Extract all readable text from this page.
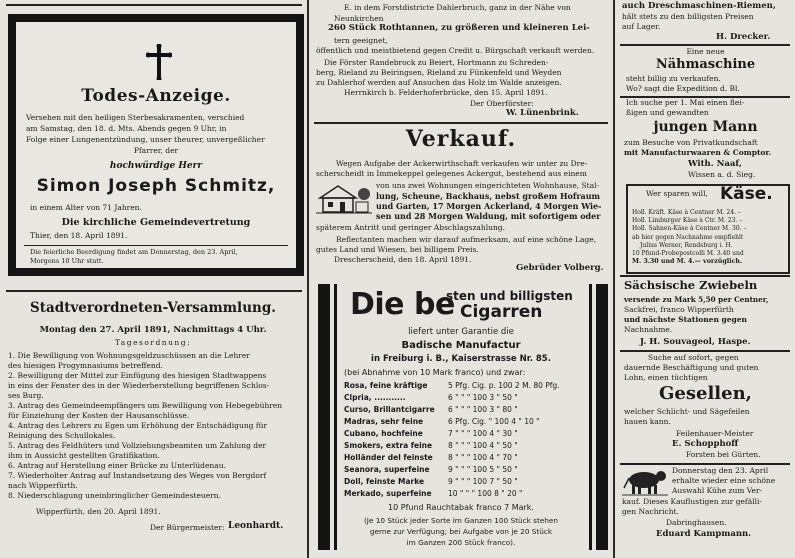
Todes-Anzeige.
Versehen mit den heiligen Sterbesakramenten, verschied
am Samstag, den 18. d. Mts. Abends gegen 9 Uhr, in
Folge einer Lungenentzündung, unser theurer, unvergeßlicher
Pfarrer, der
hochwürdige Herr
Simon Joseph Schmitz,
in einem Alter von 71 Jahren.
Die kirchliche Gemeindevertretung
Thier, den 18. April 1891.
Die feierliche Beerdigung findet am Donnerstag, den 23. April,
Morgens 10 Uhr statt.
Stadtverordneten-Versammlung.
Montag den 27. April 1891, Nachmittags 4 Uhr.
Tagesordnung:
1. Die Bewilligung von Wohnungsgeldzuschüssen an die Lehrer
des hiesigen Progymnasiums betreffend.
2. Bewilligung der Mittel zur Einfügung des hiesigen Stadtwappens
in eins der Fenster des in der Wiederherstellung begriffenen Schlos-
ses Burg.
3. Antrag des Gemeindeempfängers um Bewilligung von Hebegebühren
für Einziehung der Kosten der Hausanschlüsse.
4. Antrag des Lehrers zu Egen um Erhöhung der Entschädigung für
Reinigung des Schullokales.
5. Antrag des Feldhüters und Vollziehungsbeamten um Zahlung der
ihm in Aussicht gestellten Gratifikation.
6. Antrag auf Herstellung einer Brücke zu Unterlüdenau.
7. Wiederholter Antrag auf Instandsetzung des Weges von Bergdorf
nach Wipperfürth.
8. Niederschlagung uneinbringlicher Gemeindesteuern.
Wipperfürth, den 20. April 1891.
Der Bürgermeister: Leonhardt.
E. in dem Forstdistricte Dahlerbruch, ganz in der Nähe von
Neunkirchen
260 Stück Rothtannen, zu größeren und kleineren Lei-
tern geeignet,
öffentlich und meistbietend gegen Credit u. Bürgschaft verkauft werden.
Die Förster Randebrock zu Beiert, Hortmann zu Schreden-
berg, Rieland zu Beiringsen, Rieland zu Fünkenfeld und Weyden
zu Dahlerhof werden auf Ansuchen das Holz im Walde anzeigen.
Herrnkirch b. Felderhoferbrücke, den 15. April 1891.
Der Oberförster:
W. Lünenbrink.
Verkauf.
Wegen Aufgabe der Ackerwirthschaft verkaufen wir unter zu Dre-
scherscheidt in Immekeppel gelegenes Ackergut, bestehend aus einem
von uns zwei Wohnungen eingerichteten Wohnhause, Stal-
lung, Scheune, Backhaus, nebst großem Hofraum
und Garten, 17 Morgen Ackerland, 4 Morgen Wie-
sen und 28 Morgen Waldung, mit sofortigem oder
späterem Antritt und geringer Abschlagszahlung.
Reflectanten machen wir darauf aufmerksam, auf eine schöne Lage,
gutes Land und Wiesen, bei billigem Preis.
Drescherscheid, den 18. April 1891.
Gebrüder Volberg.
Die be
sten und billigsten
Cigarren
liefert unter Garantie die
Badische Manufactur
in Freiburg i. B., Kaiserstrasse Nr. 85.
(bei Abnahme von 10 Mark franco) und zwar:
Rosa, feine kräftige	5 Pfg. Cig. p. 100 2 M. 80 Pfg.
Clpria, ...........	6 " " " 100 3 " 50 "
Curso, Brillantcigarre 6 " " " 100 3 " 80 "
Madras, sehr feine	6 Pfg. Cig. " 100 4 " 10 "
Cubano, hochfeine	7 " " " 100 4 " 30 "
Smokers, extra feine 8 " " " 100 4 " 50 "
Holländer del feinste 8 " " " 100 4 " 70 "
Seanora, superfeine 9 " " " 100 5 " 50 "
Doll, feinste Marke	9 " " " 100 7 " 50 "
Merkado, superfeine 10 " " " 100 8 " 20 "
10 Pfund Rauchtabak franco 7 Mark.
(Je 10 Stück jeder Sorte im Ganzen 100 Stück stehen
gerne zur Verfügung; bei Aufgabe von je 20 Stück
im Ganzen 200 Stück franco).
auch Dreschmaschinen-Riemen,
hält stets zu den billigsten Preisen
auf Lager.
H. Drecker.
Eine neue
Nähmaschine
steht billig zu verkaufen.
Wo? sagt die Expedition d. Bl.
Ich suche per 1. Mai einen flei-
ßigen und gewandten
jungen Mann
zum Besuche von Privatkundschaft
mit Manufacturwaaren & Comptor.
With. Naaf,
Wissen a. d. Sieg.
Wer sparen will, Käse.
Holl. Kräft. Käse à Centner M. 24. –
Holl. Limburger Käse à Ctr. M. 23. –
Holl. Sahnen-Käse à Centner M. 30. –
ab hier gegen Nachnahme empfiehlt
Julius Werner, Rendsburg i. H.
10 Pfund-Probepostcolli M. 3.40 und
M. 3.30 und M. 4.— vorzüglich.
Sächsische Zwiebeln
versende zu Mark 5,50 per Centner,
Sackfrei, franco Wipperfürth
und nächste Stationen gegen
Nachnahme.
J. H. Souvageol, Haspe.
Suche auf sofort, gegen
dauernde Beschäftigung und guten
Lohn, einen tüchtigen
Gesellen,
welcher Schlicht- und Sägefeilen
hauen kann.
Feilenhauer-Meister
E. Schopphoff
Forsten bei Gürten.
Donnerstag den 23. April
erhalte wieder eine schöne
Auswahl Kühe zum Ver-
kauf. Dieses Kauflustigen zur gefälli-
gen Nachricht.
Dabringhausen.
Eduard Kampmann.
